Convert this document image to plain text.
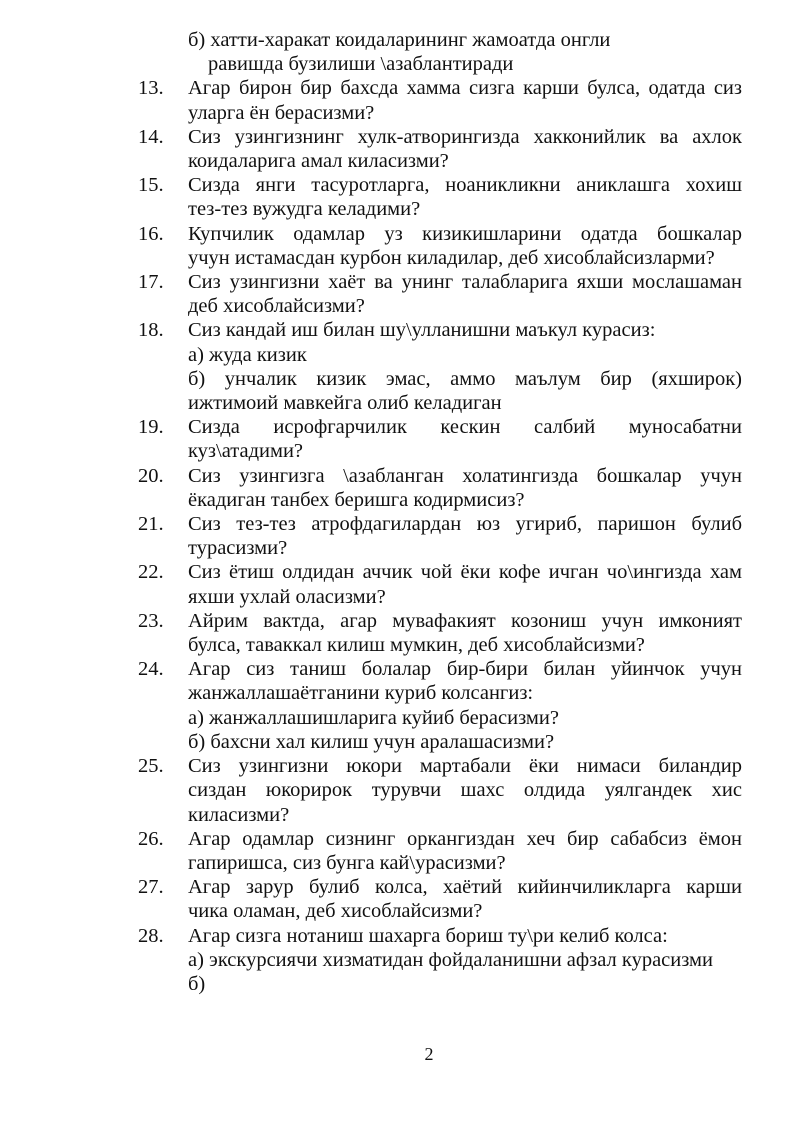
б) хатти-харакат коидаларининг жамоатда онгли
равишда бузилиши \азаблантиради
13.	Агар бирон бир бахсда хамма сизга карши булса, одатда сиз
уларга ён берасизми?
14.	Сиз узингизнинг хулк-атворингизда хакконийлик ва ахлок
коидаларига амал киласизми?
15.	Сизда янги тасуротларга, ноаникликни аниклашга хохиш
тез-тез вужудга келадими?
16.	Купчилик одамлар уз кизикишларини одатда бошкалар
учун истамасдан курбон киладилар, деб хисоблайсизларми?
17.	Сиз узингизни хаёт ва унинг талабларига яхши мослашаман
деб хисоблайсизми?
18.	Сиз кандай иш билан шу\улланишни маъкул курасиз:
а) жуда кизик
б) унчалик кизик эмас, аммо маълум бир (яхширок)
ижтимоий мавкейга олиб келадиган
19.	Сизда исрофгарчилик кескин салбий муносабатни
куз\атадими?
20.	Сиз узингизга \азабланган холатингизда бошкалар учун
ёкадиган танбех беришга кодирмисиз?
21.	Сиз тез-тез атрофдагилардан юз угириб, паришон булиб
турасизми?
22.	Сиз ётиш олдидан аччик чой ёки кофе ичган чо\ингизда хам
яхши ухлай оласизми?
23.	Айрим вактда, агар мувафакият козониш учун имконият
булса, таваккал килиш мумкин, деб хисоблайсизми?
24.	Агар сиз таниш болалар бир-бири билан уйинчок учун
жанжаллашаётганини куриб колсангиз:
а) жанжаллашишларига куйиб берасизми?
б) бахсни хал килиш учун аралашасизми?
25.	Сиз узингизни юкори мартабали ёки нимаси биландир
сиздан юкорирок турувчи шахс олдида уялгандек хис
киласизми?
26.	Агар одамлар сизнинг оркангиздан хеч бир сабабсиз ёмон
гапиришса, сиз бунга кай\урасизми?
27.	Агар зарур булиб колса, хаётий кийинчиликларга карши
чика оламан, деб хисоблайсизми?
28.	Агар сизга нотаниш шахарга бориш ту\ри келиб колса:
а) экскурсиячи хизматидан фойдаланишни афзал курасизми
б)
2
